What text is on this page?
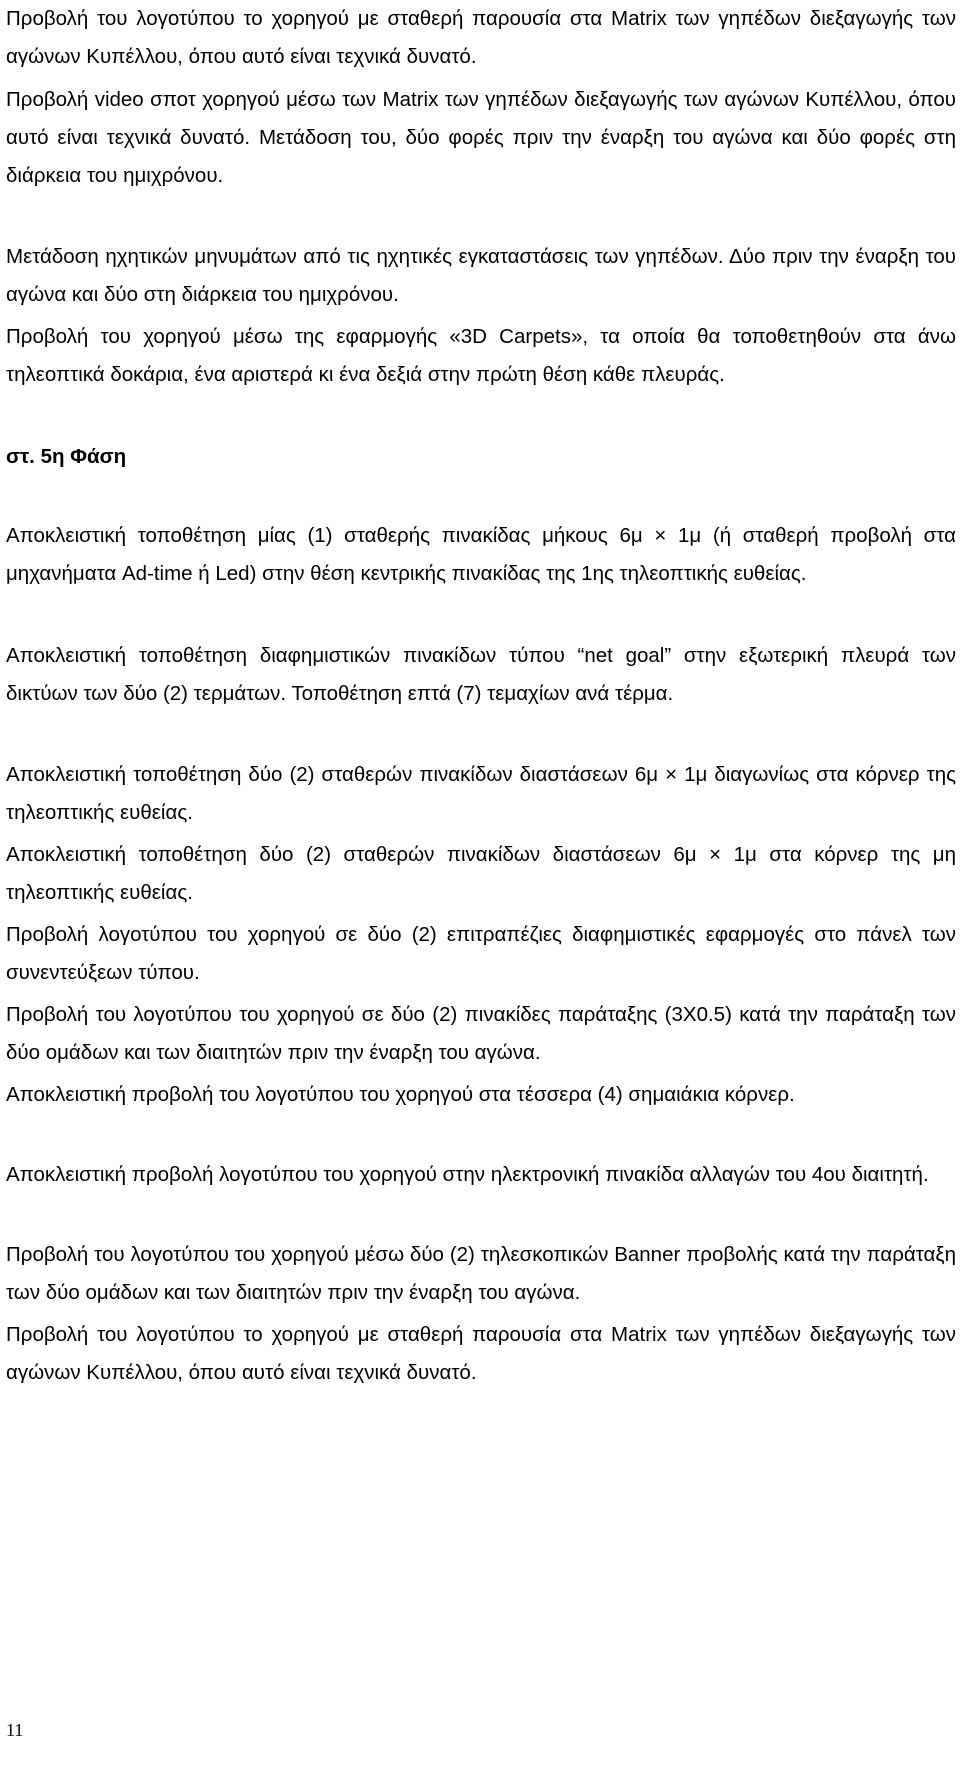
Προβολή του λογοτύπου το χορηγού με σταθερή παρουσία στα Matrix των γηπέδων διεξαγωγής των αγώνων Κυπέλλου, όπου αυτό είναι τεχνικά δυνατό.

Προβολή video σποτ χορηγού μέσω των Matrix των γηπέδων διεξαγωγής των αγώνων Κυπέλλου, όπου αυτό είναι τεχνικά δυνατό. Μετάδοση του, δύο φορές πριν την έναρξη του αγώνα και δύο φορές στη διάρκεια του ημιχρόνου.

Μετάδοση ηχητικών μηνυμάτων από τις ηχητικές εγκαταστάσεις των γηπέδων. Δύο πριν την έναρξη του αγώνα και δύο στη διάρκεια του ημιχρόνου.

Προβολή του χορηγού μέσω της εφαρμογής «3D Carpets», τα οποία θα τοποθετηθούν στα άνω τηλεοπτικά δοκάρια, ένα αριστερά κι ένα δεξιά στην πρώτη θέση κάθε πλευράς.

στ. 5η Φάση

Αποκλειστική τοποθέτηση μίας (1) σταθερής πινακίδας μήκους 6μ × 1μ (ή σταθερή προβολή στα μηχανήματα Ad-time ή Led) στην θέση κεντρικής πινακίδας της 1ης τηλεοπτικής ευθείας.

Αποκλειστική τοποθέτηση διαφημιστικών πινακίδων τύπου “net goal” στην εξωτερική πλευρά των δικτύων των δύο (2) τερμάτων. Τοποθέτηση επτά (7) τεμαχίων ανά τέρμα.

Αποκλειστική τοποθέτηση δύο (2) σταθερών πινακίδων διαστάσεων 6μ × 1μ διαγωνίως στα κόρνερ της τηλεοπτικής ευθείας.

Αποκλειστική τοποθέτηση δύο (2) σταθερών πινακίδων διαστάσεων 6μ × 1μ στα κόρνερ της μη τηλεοπτικής ευθείας.

Προβολή λογοτύπου του χορηγού σε δύο (2) επιτραπέζιες διαφημιστικές εφαρμογές στο πάνελ των συνεντεύξεων τύπου.

Προβολή του λογοτύπου του χορηγού σε δύο (2) πινακίδες παράταξης (3Χ0.5) κατά την παράταξη των δύο ομάδων και των διαιτητών πριν την έναρξη του αγώνα.

Αποκλειστική προβολή του λογοτύπου του χορηγού στα τέσσερα (4) σημαιάκια κόρνερ.

Αποκλειστική προβολή λογοτύπου του χορηγού στην ηλεκτρονική πινακίδα αλλαγών του 4ου διαιτητή.

Προβολή του λογοτύπου του χορηγού μέσω δύο (2) τηλεσκοπικών Banner προβολής κατά την παράταξη των δύο ομάδων και των διαιτητών πριν την έναρξη του αγώνα.

Προβολή του λογοτύπου το χορηγού με σταθερή παρουσία στα Matrix των γηπέδων διεξαγωγής των αγώνων Κυπέλλου, όπου αυτό είναι τεχνικά δυνατό.

11
